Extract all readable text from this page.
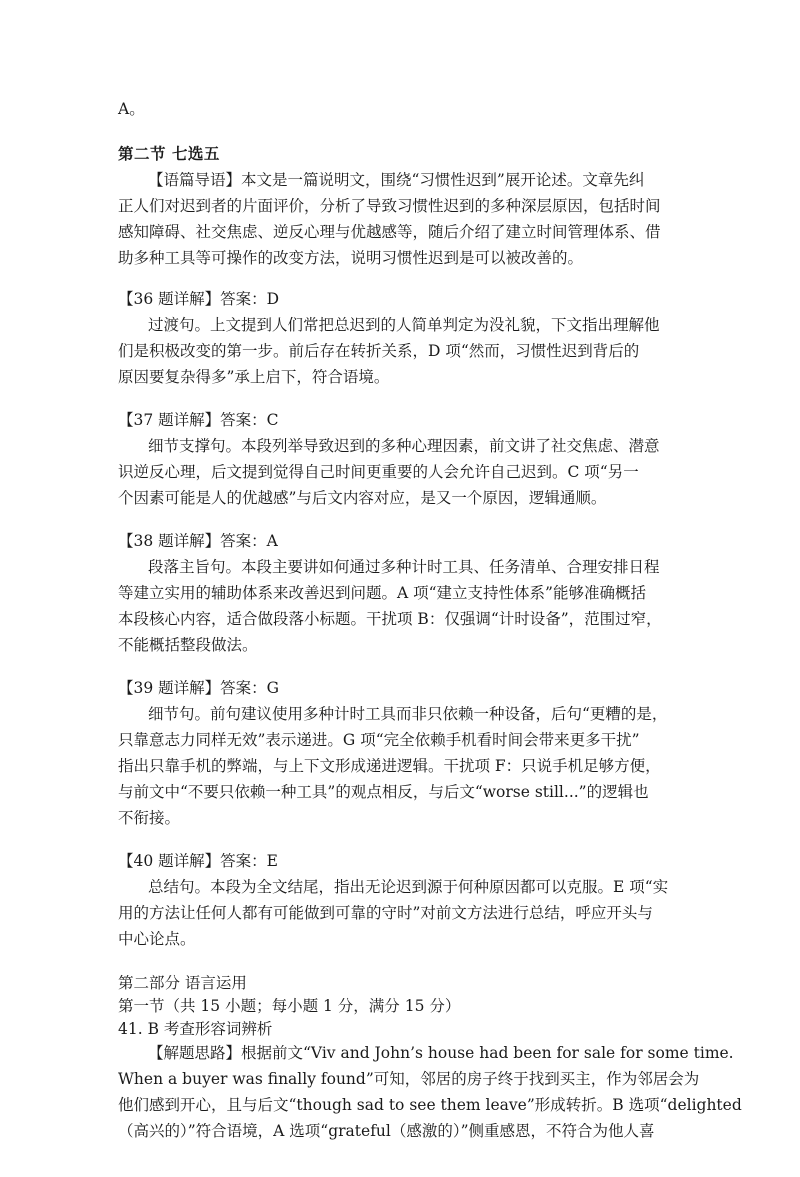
A。
第二节 七选五
【语篇导语】本文是一篇说明文，围绕“习惯性迟到”展开论述。文章先纠
正人们对迟到者的片面评价，分析了导致习惯性迟到的多种深层原因，包括时间
感知障碍、社交焦虑、逆反心理与优越感等，随后介绍了建立时间管理体系、借
助多种工具等可操作的改变方法，说明习惯性迟到是可以被改善的。
【36 题详解】答案：D
过渡句。上文提到人们常把总迟到的人简单判定为没礼貌，下文指出理解他
们是积极改变的第一步。前后存在转折关系，D 项“然而，习惯性迟到背后的
原因要复杂得多”承上启下，符合语境。
【37 题详解】答案：C
细节支撑句。本段列举导致迟到的多种心理因素，前文讲了社交焦虑、潜意
识逆反心理，后文提到觉得自己时间更重要的人会允许自己迟到。C 项“另一
个因素可能是人的优越感”与后文内容对应，是又一个原因，逻辑通顺。
【38 题详解】答案：A
段落主旨句。本段主要讲如何通过多种计时工具、任务清单、合理安排日程
等建立实用的辅助体系来改善迟到问题。A 项“建立支持性体系”能够准确概括
本段核心内容，适合做段落小标题。干扰项 B：仅强调“计时设备”，范围过窄，
不能概括整段做法。
【39 题详解】答案：G
细节句。前句建议使用多种计时工具而非只依赖一种设备，后句“更糟的是，
只靠意志力同样无效”表示递进。G 项“完全依赖手机看时间会带来更多干扰”
指出只靠手机的弊端，与上下文形成递进逻辑。干扰项 F：只说手机足够方便，
与前文中“不要只依赖一种工具”的观点相反，与后文“worse still...”的逻辑也
不衔接。
【40 题详解】答案：E
总结句。本段为全文结尾，指出无论迟到源于何种原因都可以克服。E 项“实
用的方法让任何人都有可能做到可靠的守时”对前文方法进行总结，呼应开头与
中心论点。
第二部分 语言运用
第一节（共 15 小题；每小题 1 分，满分 15 分）
41. B 考查形容词辨析
【解题思路】根据前文“Viv and John’s house had been for sale for some time.
When a buyer was finally found”可知，邻居的房子终于找到买主，作为邻居会为
他们感到开心，且与后文“though sad to see them leave”形成转折。B 选项“delighted
（高兴的）”符合语境，A 选项“grateful（感激的）”侧重感恩，不符合为他人喜
